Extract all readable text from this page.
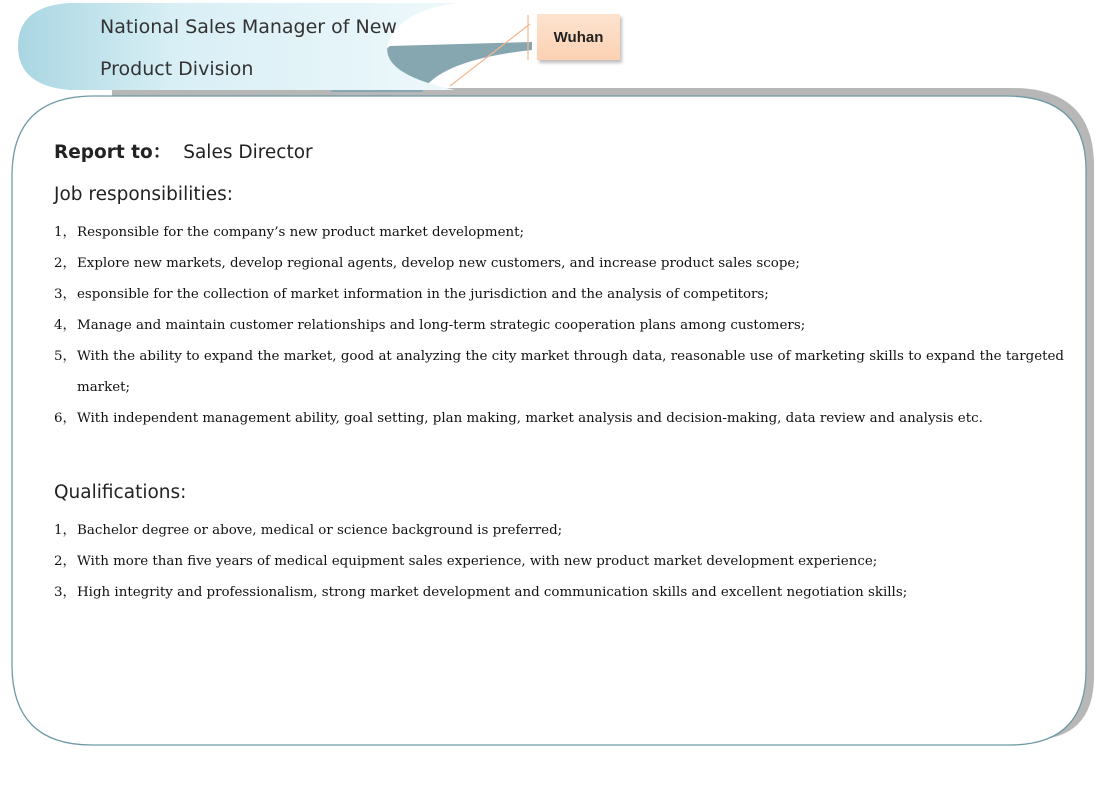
National Sales Manager of New
Product Division
Wuhan
Report to： Sales Director
Job responsibilities:
1， Responsible for the company’s new product market development;
2， Explore new markets, develop regional agents, develop new customers, and increase product sales scope;
3， esponsible for the collection of market information in the jurisdiction and the analysis of competitors;
4， Manage and maintain customer relationships and long-term strategic cooperation plans among customers;
5， With the ability to expand the market, good at analyzing the city market through data, reasonable use of marketing skills to expand the targeted market;
6， With independent management ability, goal setting, plan making, market analysis and decision-making, data review and analysis etc.
Qualifications:
1， Bachelor degree or above, medical or science background is preferred;
2， With more than five years of medical equipment sales experience, with new product market development experience;
3， High integrity and professionalism, strong market development and communication skills and excellent negotiation skills;
